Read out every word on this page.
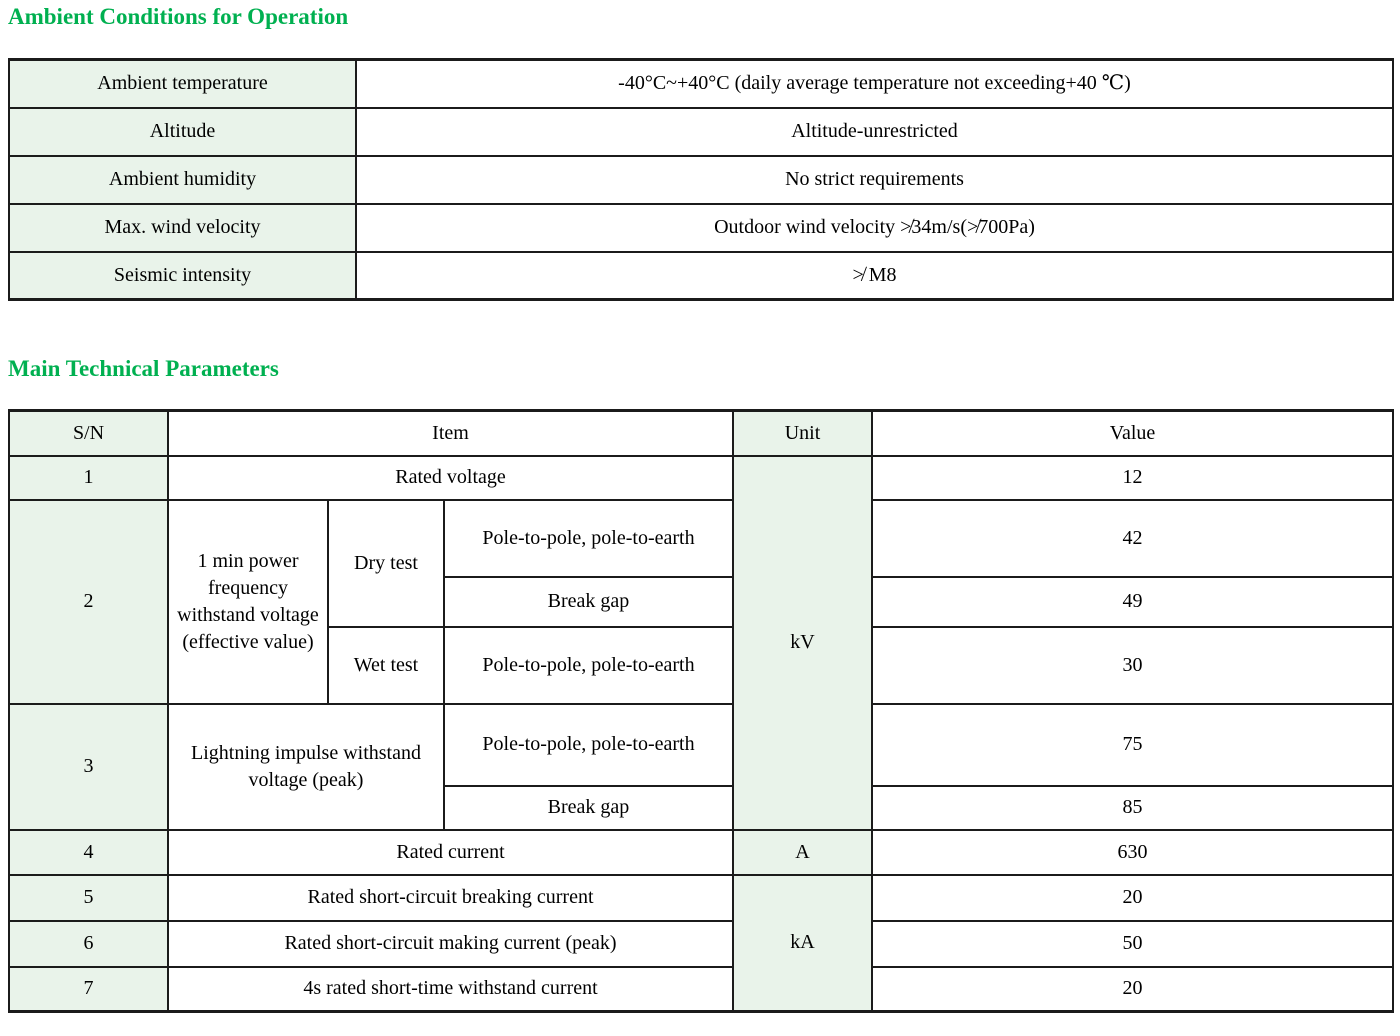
Ambient Conditions for Operation
Ambient temperature	-40°C~+40°C (daily average temperature not exceeding+40 ℃)
Altitude	Altitude-unrestricted
Ambient humidity	No strict requirements
Max. wind velocity	Outdoor wind velocity ≯34m/s(≯700Pa)
Seismic intensity	≯ M8
Main Technical Parameters
S/N	Item			Unit	Value
1	Rated voltage			kV	12
2	1 min power frequency withstand voltage (effective value)	Dry test	Pole-to-pole, pole-to-earth		42
			Break gap		49
		Wet test	Pole-to-pole, pole-to-earth		30
3	Lightning impulse withstand voltage (peak)		Pole-to-pole, pole-to-earth		75
			Break gap		85
4	Rated current			A	630
5	Rated short-circuit breaking current			kA	20
6	Rated short-circuit making current (peak)				50
7	4s rated short-time withstand current				20
